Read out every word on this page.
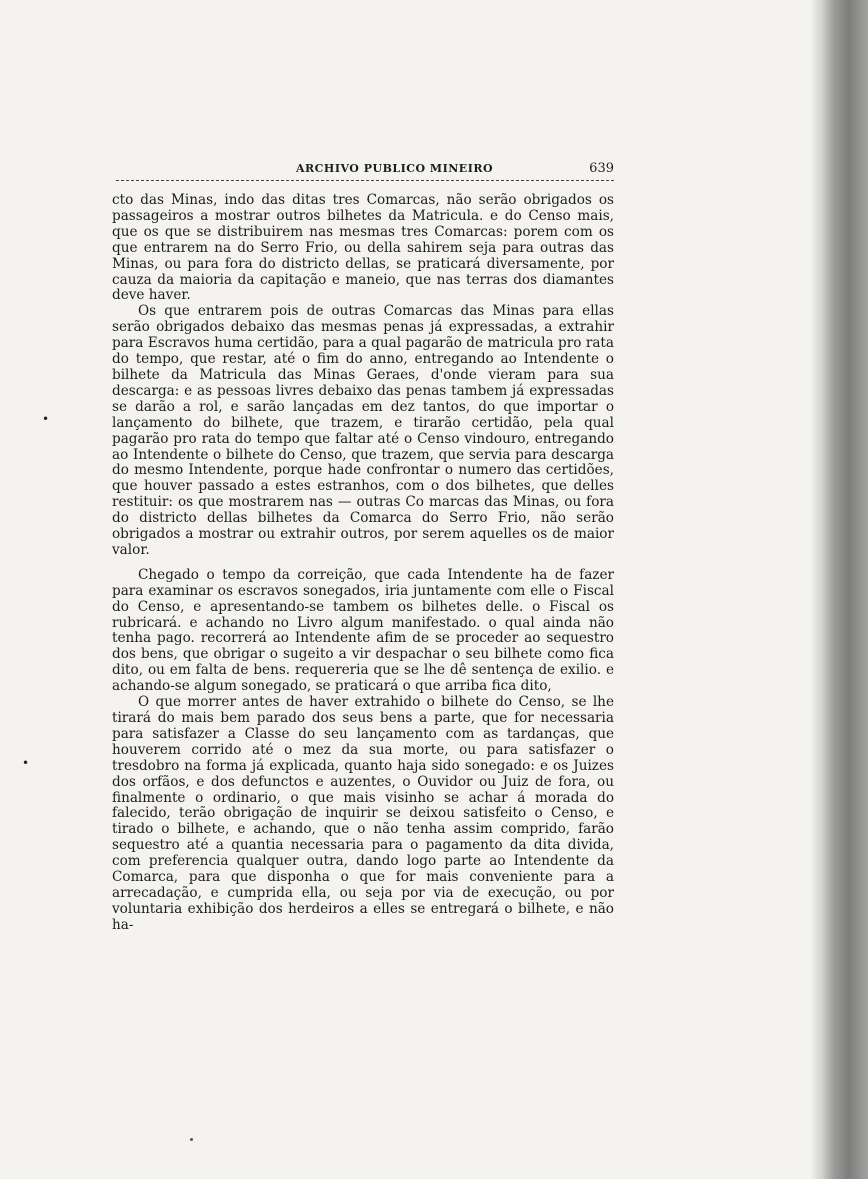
ARCHIVO PUBLICO MINEIRO	639

cto das Minas, indo das ditas tres Comarcas, não serão obrigados os passageiros a mostrar outros bilhetes da Matricula. e do Censo mais, que os que se distribuirem nas mesmas tres Comarcas: porem com os que entrarem na do Serro Frio, ou della sahirem seja para outras das Minas, ou para fora do districto dellas, se praticará diversamente, por cauza da maioria da capitação e maneio, que nas terras dos diamantes deve haver.

Os que entrarem pois de outras Comarcas das Minas para ellas serão obrigados debaixo das mesmas penas já expressadas, a extrahir para Escravos huma certidão, para a qual pagarão de matricula pro rata do tempo, que restar, até o fim do anno, entregando ao Intendente o bilhete da Matricula das Minas Geraes, d'onde vieram para sua descarga: e as pessoas livres debaixo das penas tambem já expressadas se darão a rol, e sarão lançadas em dez tantos, do que importar o lançamento do bilhete, que trazem, e tirarão certidão, pela qual pagarão pro rata do tempo que faltar até o Censo vindouro, entregando ao Intendente o bilhete do Censo, que trazem, que servia para descarga do mesmo Intendente, porque hade confrontar o numero das certidões, que houver passado a estes estranhos, com o dos bilhetes, que delles restituir: os que mostrarem nas — outras Co marcas das Minas, ou fora do districto dellas bilhetes da Comarca do Serro Frio, não serão obrigados a mostrar ou extrahir outros, por serem aquelles os de maior valor.

Chegado o tempo da correição, que cada Intendente ha de fazer para examinar os escravos sonegados, iria juntamente com elle o Fiscal do Censo, e apresentando-se tambem os bilhetes delle. o Fiscal os rubricará. e achando no Livro algum manifestado. o qual ainda não tenha pago. recorrerá ao Intendente afim de se proceder ao sequestro dos bens, que obrigar o sugeito a vir despachar o seu bilhete como fica dito, ou em falta de bens. requereria que se lhe dê sentença de exilio. e achando-se algum sonegado, se praticará o que arriba fica dito,

O que morrer antes de haver extrahido o bilhete do Censo, se lhe tirará do mais bem parado dos seus bens a parte, que for necessaria para satisfazer a Classe do seu lançamento com as tardanças, que houverem corrido até o mez da sua morte, ou para satisfazer o tresdobro na forma já explicada, quanto haja sido sonegado: e os Juizes dos orfãos, e dos defunctos e auzentes, o Ouvidor ou Juiz de fora, ou finalmente o ordinario, o que mais visinho se achar á morada do falecido, terão obrigação de inquirir se deixou satisfeito o Censo, e tirado o bilhete, e achando, que o não tenha assim comprido, farão sequestro até a quantia necessaria para o pagamento da dita divida, com preferencia qualquer outra, dando logo parte ao Intendente da Comarca, para que disponha o que for mais conveniente para a arrecadação, e cumprida ella, ou seja por via de execução, ou por voluntaria exhibição dos herdeiros a elles se entregará o bilhete, e não ha-

•
•
